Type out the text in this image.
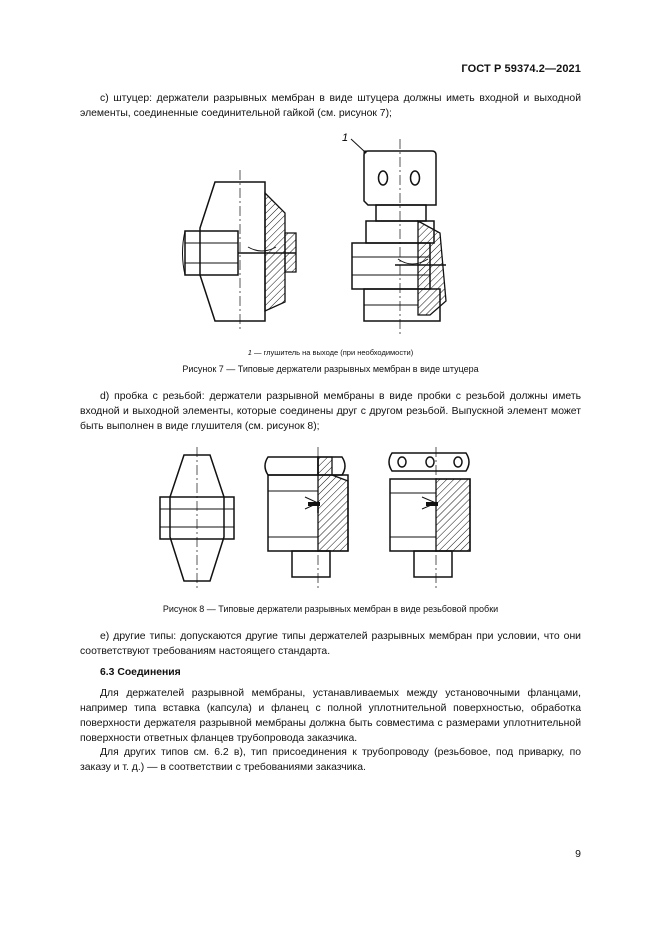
ГОСТ Р 59374.2—2021

с) штуцер: держатели разрывных мембран в виде штуцера должны иметь входной и выходной элементы, соединенные соединительной гайкой (см. рисунок 7);

1

1 — глушитель на выходе (при необходимости)

Рисунок 7 — Типовые держатели разрывных мембран в виде штуцера

d) пробка с резьбой: держатели разрывной мембраны в виде пробки с резьбой должны иметь входной и выходной элементы, которые соединены друг с другом резьбой. Выпускной элемент может быть выполнен в виде глушителя (см. рисунок 8);

Рисунок 8 — Типовые держатели разрывных мембран в виде резьбовой пробки

е) другие типы: допускаются другие типы держателей разрывных мембран при условии, что они соответствуют требованиям настоящего стандарта.

6.3 Соединения

Для держателей разрывной мембраны, устанавливаемых между установочными фланцами, например типа вставка (капсула) и фланец с полной уплотнительной поверхностью, обработка поверхности держателя разрывной мембраны должна быть совместима с размерами уплотнительной поверхности ответных фланцев трубопровода заказчика.

Для других типов см. 6.2 в), тип присоединения к трубопроводу (резьбовое, под приварку, по заказу и т. д.) — в соответствии с требованиями заказчика.

9
